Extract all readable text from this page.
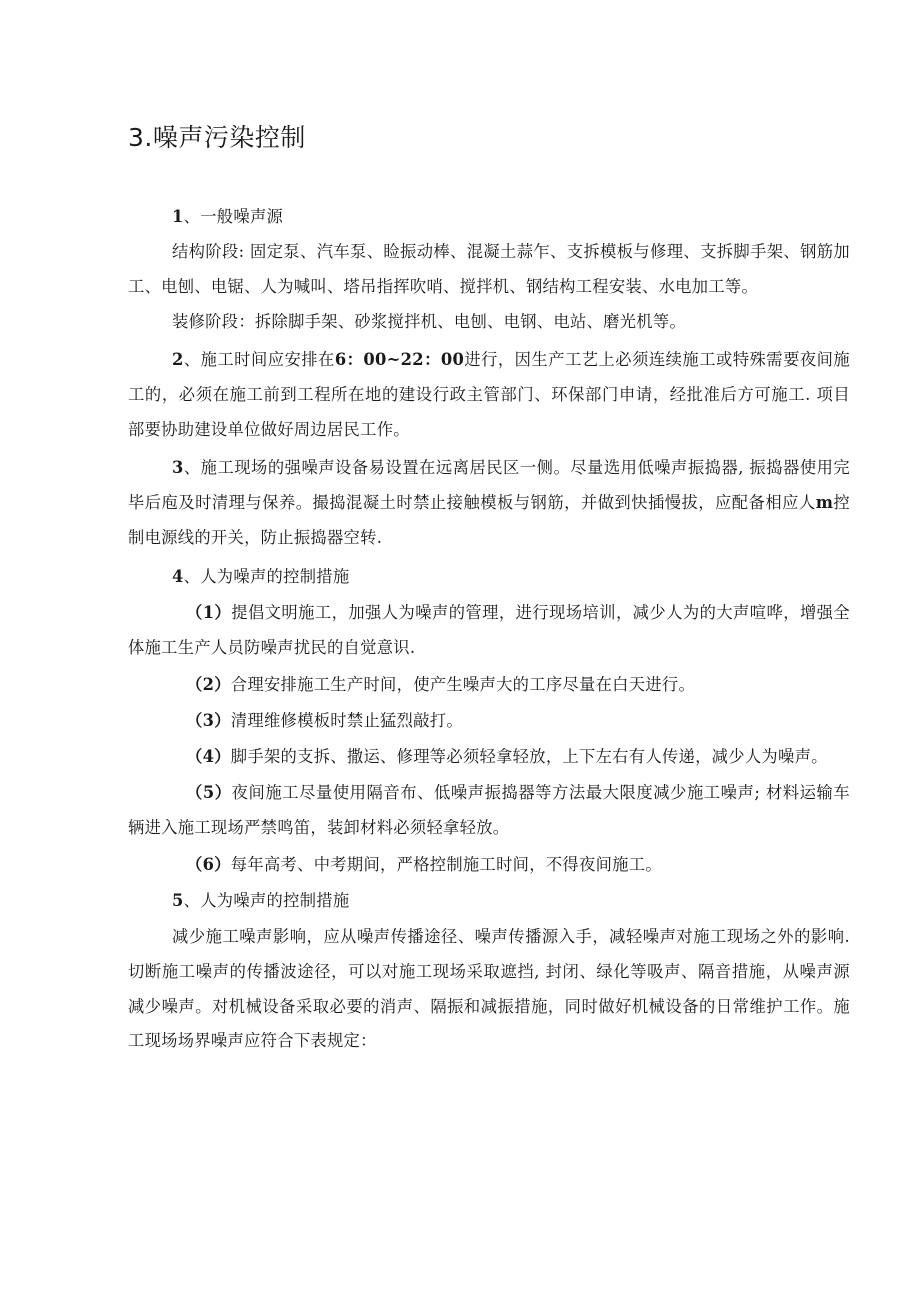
3.噪声污染控制

1、一般噪声源

结构阶段: 固定泵、汽车泵、睑振动棒、混凝土蒜乍、支拆模板与修理、支拆脚手架、钢筋加工、电刨、电锯、人为喊叫、塔吊指挥吹哨、搅拌机、钢结构工程安装、水电加工等。

装修阶段：拆除脚手架、砂浆搅拌机、电刨、电钢、电站、磨光机等。

2、施工时间应安排在6：00~22：00进行，因生产工艺上必须连续施工或特殊需要夜间施工的，必须在施工前到工程所在地的建设行政主管部门、环保部门申请，经批准后方可施工. 项目部要协助建设单位做好周边居民工作。

3、施工现场的强噪声设备易设置在远离居民区一侧。尽量选用低噪声振捣器, 振捣器使用完毕后庖及时清理与保养。撮捣混凝土时禁止接触模板与钢筋，并做到快插慢拔，应配备相应人m控制电源线的开关，防止振捣器空转.

4、人为噪声的控制措施

（1）提倡文明施工，加强人为噪声的管理，进行现场培训，减少人为的大声喧哗，增强全体施工生产人员防噪声扰民的自觉意识.

（2）合理安排施工生产时间，使产生噪声大的工序尽量在白天进行。

（3）清理维修模板时禁止猛烈敲打。

（4）脚手架的支拆、撒运、修理等必须轻拿轻放，上下左右有人传递，减少人为噪声。

（5）夜间施工尽量使用隔音布、低噪声振捣器等方法最大限度减少施工噪声; 材料运输车辆进入施工现场严禁鸣笛，装卸材料必须轻拿轻放。

（6）每年高考、中考期间，严格控制施工时间，不得夜间施工。

5、人为噪声的控制措施

减少施工噪声影响，应从噪声传播途径、噪声传播源入手，减轻噪声对施工现场之外的影响. 切断施工噪声的传播波途径，可以对施工现场采取遮挡, 封闭、绿化等吸声、隔音措施，从噪声源减少噪声。对机械设备采取必要的消声、隔振和减振措施，同时做好机械设备的日常维护工作。施工现场场界噪声应符合下表规定：
